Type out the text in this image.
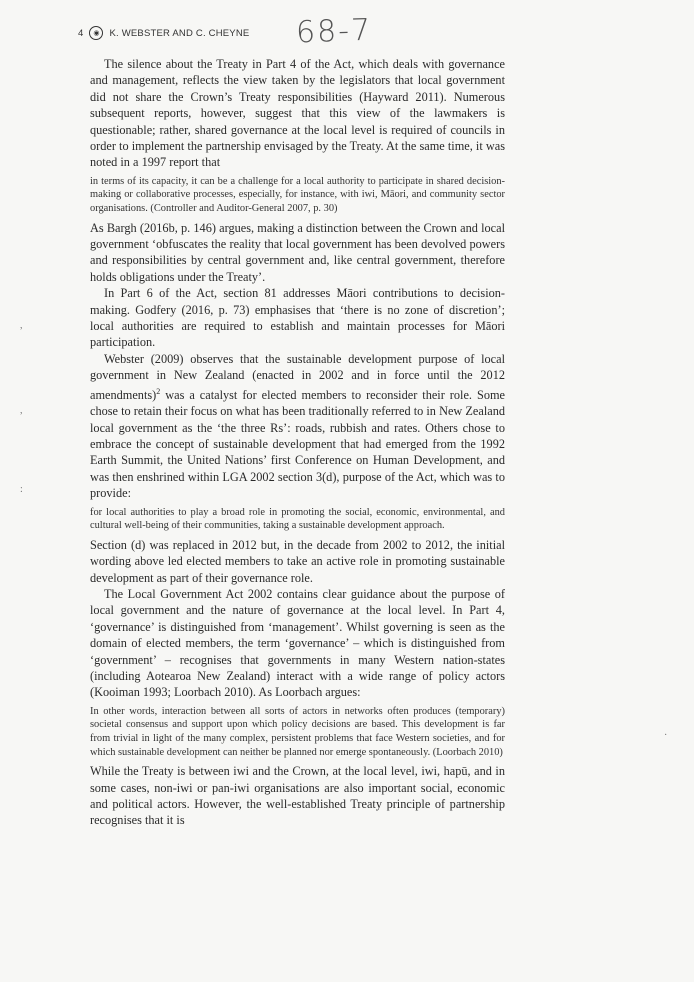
4	◉	K. WEBSTER AND C. CHEYNE 68-7
,
,
:
·

The silence about the Treaty in Part 4 of the Act, which deals with governance and management, reflects the view taken by the legislators that local government did not share the Crown’s Treaty responsibilities (Hayward 2011). Numerous subsequent reports, however, suggest that this view of the lawmakers is questionable; rather, shared governance at the local level is required of councils in order to implement the partnership envisaged by the Treaty. At the same time, it was noted in a 1997 report that

in terms of its capacity, it can be a challenge for a local authority to participate in shared decision-making or collaborative processes, especially, for instance, with iwi, Māori, and community sector organisations. (Controller and Auditor-General 2007, p. 30)

As Bargh (2016b, p. 146) argues, making a distinction between the Crown and local government ‘obfuscates the reality that local government has been devolved powers and responsibilities by central government and, like central government, therefore holds obligations under the Treaty’.

In Part 6 of the Act, section 81 addresses Māori contributions to decision-making. Godfery (2016, p. 73) emphasises that ‘there is no zone of discretion’; local authorities are required to establish and maintain processes for Māori participation.

Webster (2009) observes that the sustainable development purpose of local government in New Zealand (enacted in 2002 and in force until the 2012 amendments)$^2$ was a catalyst for elected members to reconsider their role. Some chose to retain their focus on what has been traditionally referred to in New Zealand local government as the ‘the three Rs’: roads, rubbish and rates. Others chose to embrace the concept of sustainable development that had emerged from the 1992 Earth Summit, the United Nations’ first Conference on Human Development, and was then enshrined within LGA 2002 section 3(d), purpose of the Act, which was to provide:

for local authorities to play a broad role in promoting the social, economic, environmental, and cultural well-being of their communities, taking a sustainable development approach.

Section (d) was replaced in 2012 but, in the decade from 2002 to 2012, the initial wording above led elected members to take an active role in promoting sustainable development as part of their governance role.

The Local Government Act 2002 contains clear guidance about the purpose of local government and the nature of governance at the local level. In Part 4, ‘governance’ is distinguished from ‘management’. Whilst governing is seen as the domain of elected members, the term ‘governance’ – which is distinguished from ‘government’ – recognises that governments in many Western nation-states (including Aotearoa New Zealand) interact with a wide range of policy actors (Kooiman 1993; Loorbach 2010). As Loorbach argues:

In other words, interaction between all sorts of actors in networks often produces (temporary) societal consensus and support upon which policy decisions are based. This development is far from trivial in light of the many complex, persistent problems that face Western societies, and for which sustainable development can neither be planned nor emerge spontaneously. (Loorbach 2010)

While the Treaty is between iwi and the Crown, at the local level, iwi, hapū, and in some cases, non-iwi or pan-iwi organisations are also important social, economic and political actors. However, the well-established Treaty principle of partnership recognises that it is
